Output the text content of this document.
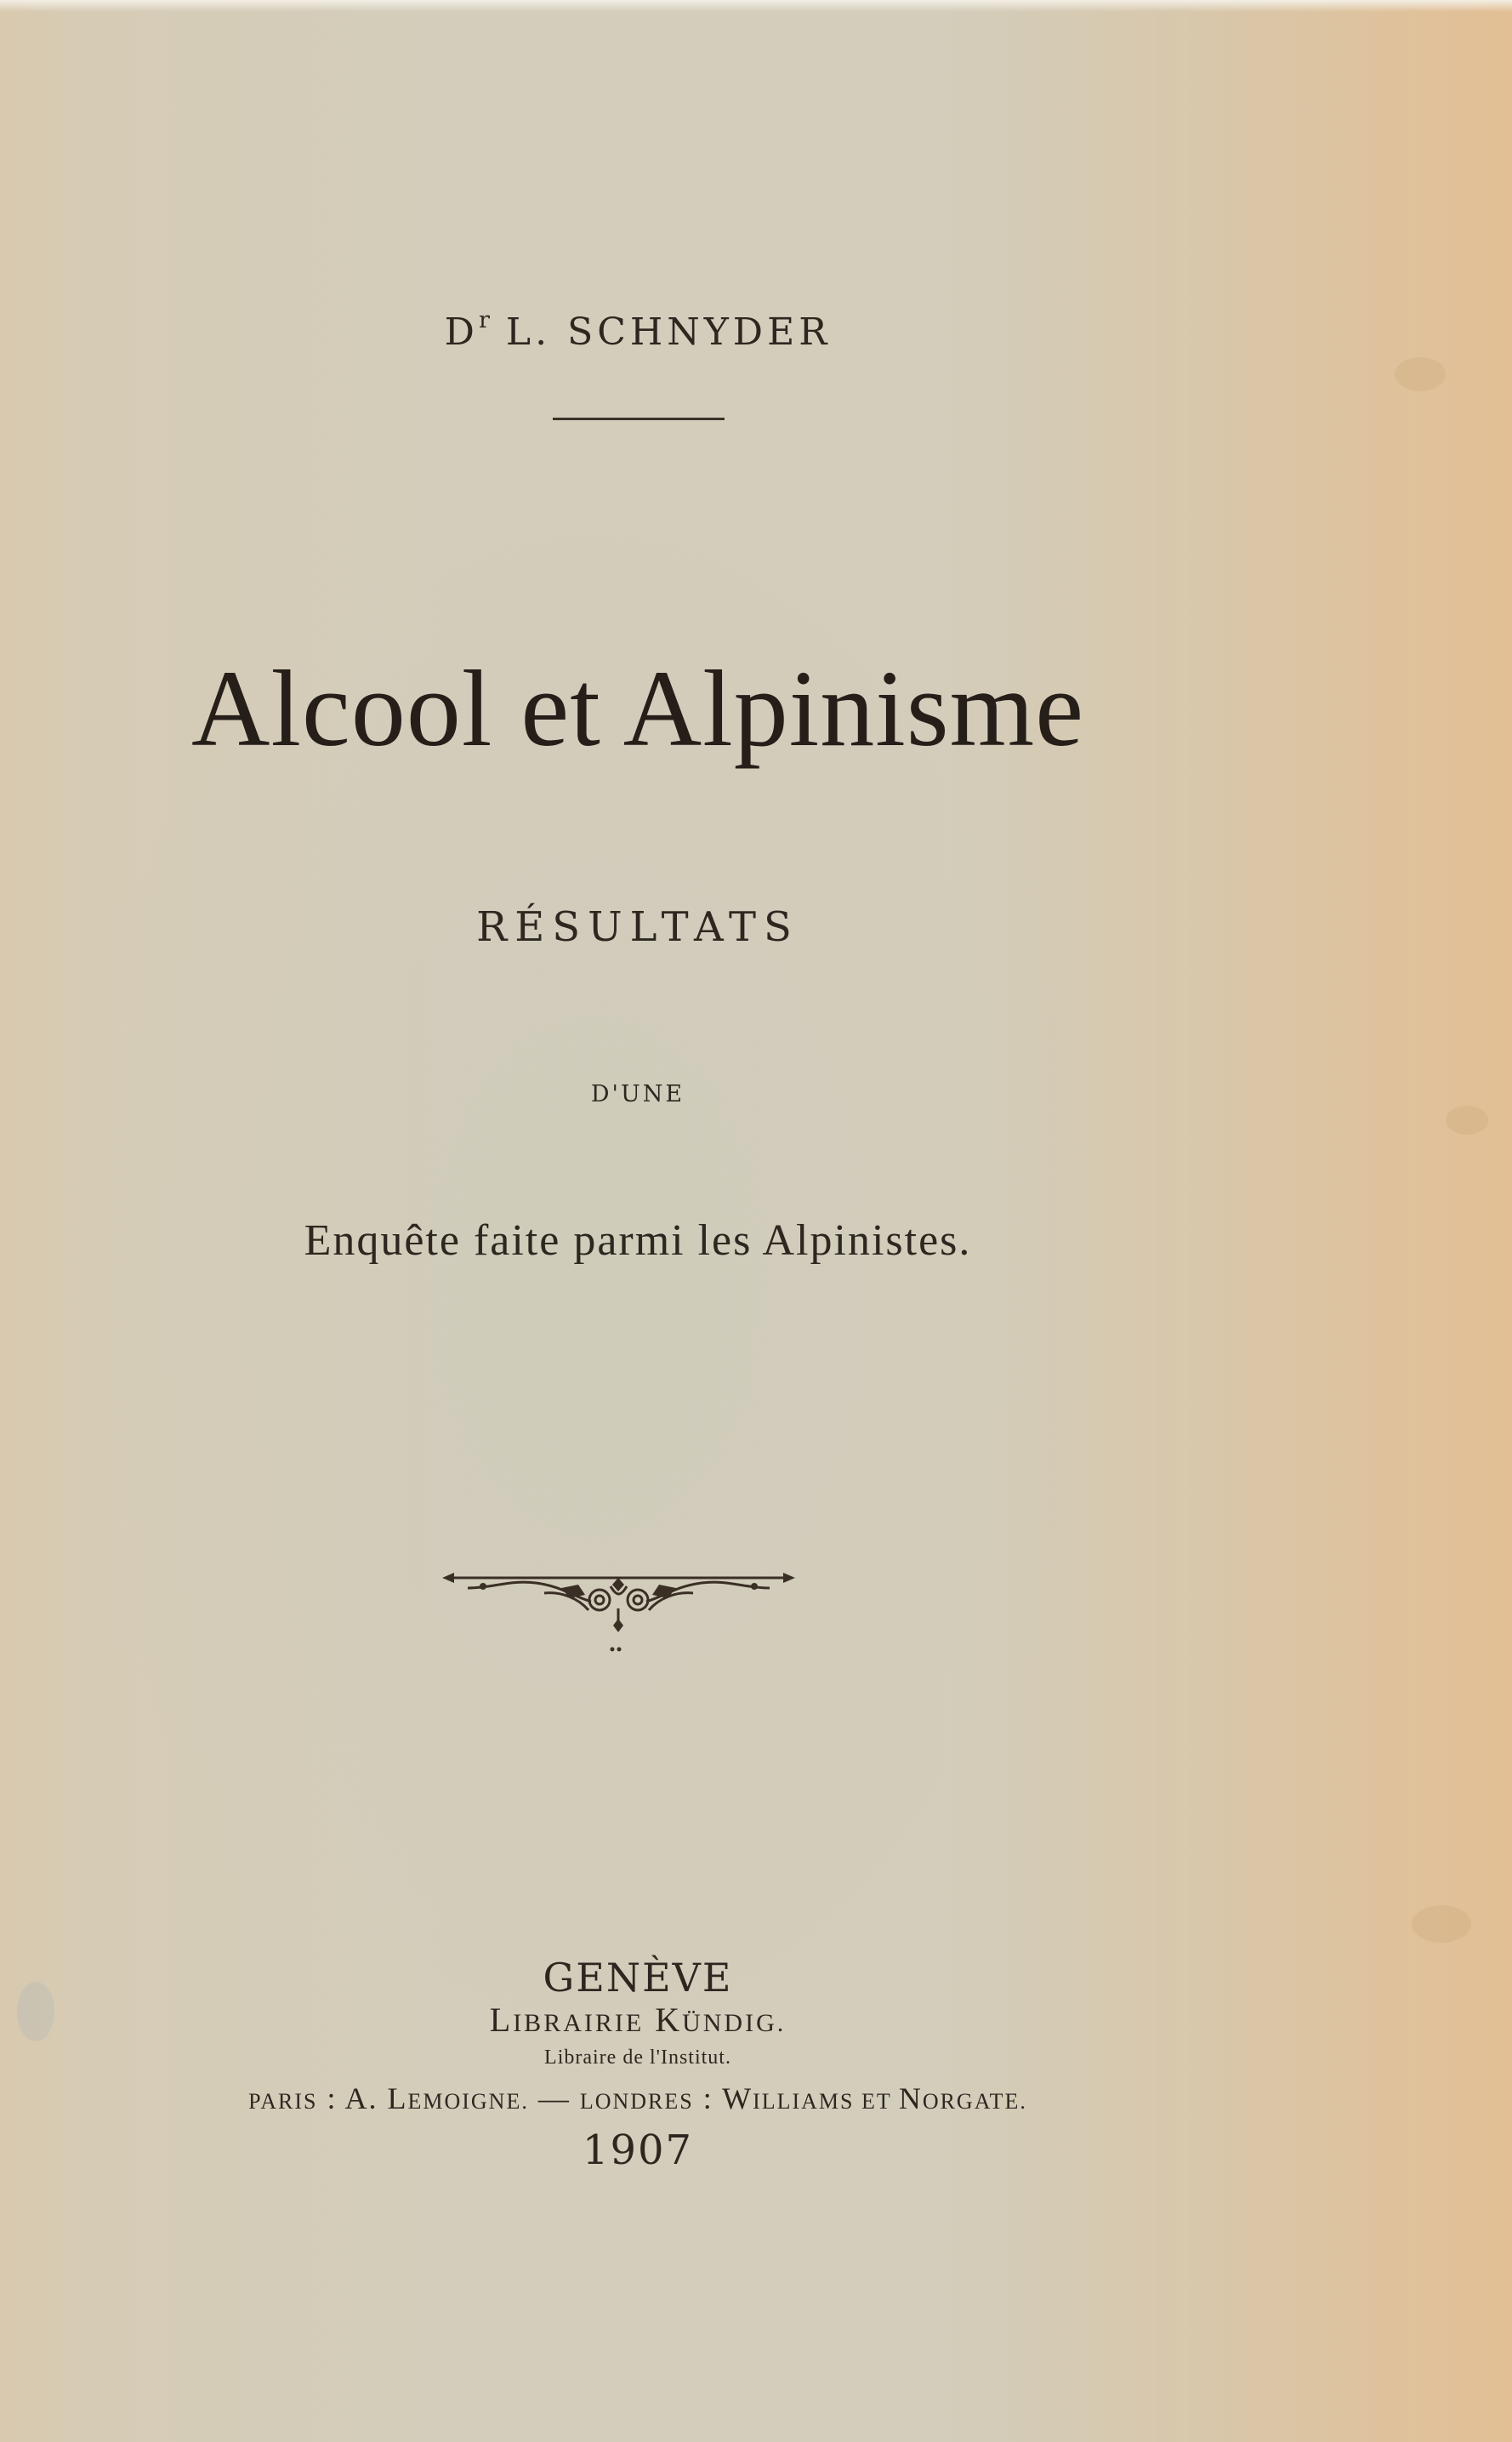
$D^r$ L. SCHNYDER
Alcool et Alpinisme
RÉSULTATS
D'UNE
Enquête faite parmi les Alpinistes.
GENÈVE
LIBRAIRIE KÜNDIG.
Libraire de l'Institut.
PARIS : A. LEMOIGNE. — LONDRES : WILLIAMS ET NORGATE.
1907
